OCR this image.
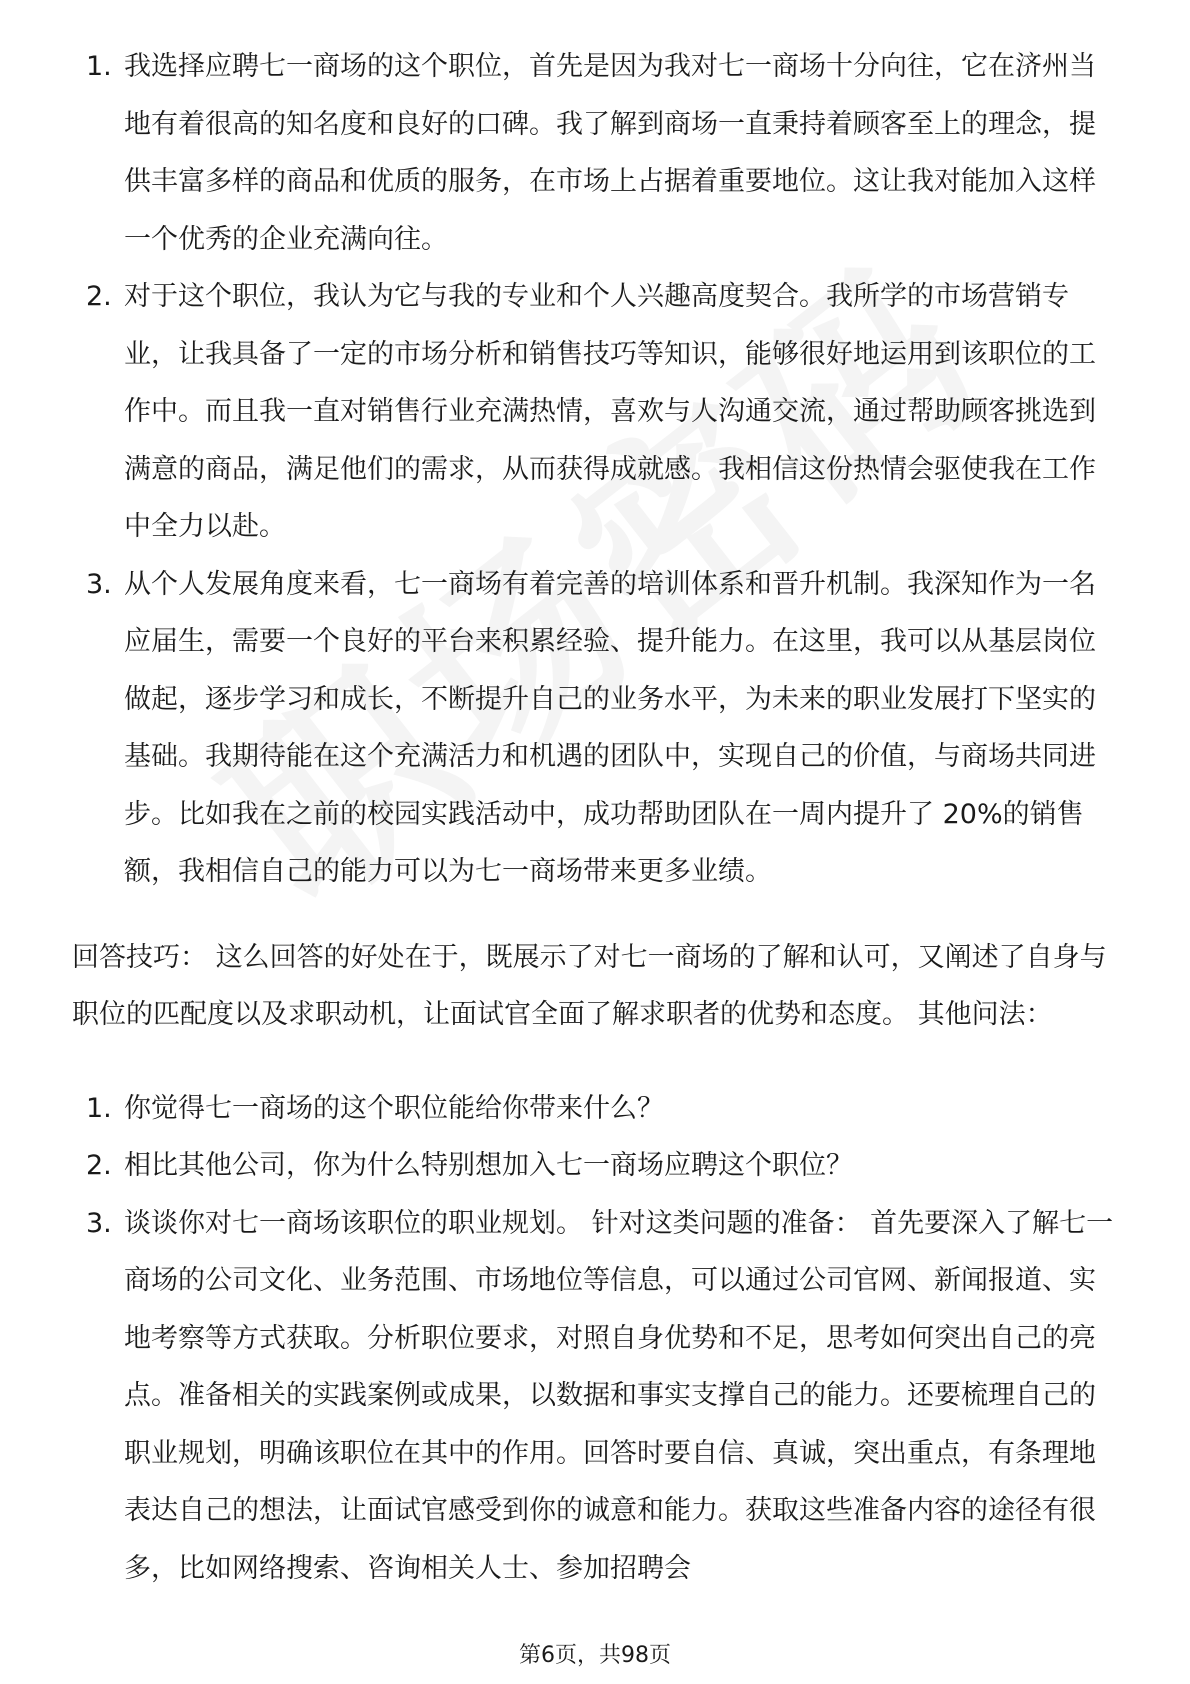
1. 我选择应聘七一商场的这个职位，首先是因为我对七一商场十分向往，它在济州当地有着很高的知名度和良好的口碑。我了解到商场一直秉持着顾客至上的理念，提供丰富多样的商品和优质的服务，在市场上占据着重要地位。这让我对能加入这样一个优秀的企业充满向往。
2. 对于这个职位，我认为它与我的专业和个人兴趣高度契合。我所学的市场营销专业，让我具备了一定的市场分析和销售技巧等知识，能够很好地运用到该职位的工作中。而且我一直对销售行业充满热情，喜欢与人沟通交流，通过帮助顾客挑选到满意的商品，满足他们的需求，从而获得成就感。我相信这份热情会驱使我在工作中全力以赴。
3. 从个人发展角度来看，七一商场有着完善的培训体系和晋升机制。我深知作为一名应届生，需要一个良好的平台来积累经验、提升能力。在这里，我可以从基层岗位做起，逐步学习和成长，不断提升自己的业务水平，为未来的职业发展打下坚实的基础。我期待能在这个充满活力和机遇的团队中，实现自己的价值，与商场共同进步。比如我在之前的校园实践活动中，成功帮助团队在一周内提升了 20%的销售额，我相信自己的能力可以为七一商场带来更多业绩。

回答技巧： 这么回答的好处在于，既展示了对七一商场的了解和认可，又阐述了自身与职位的匹配度以及求职动机，让面试官全面了解求职者的优势和态度。 其他问法：

1. 你觉得七一商场的这个职位能给你带来什么？
2. 相比其他公司，你为什么特别想加入七一商场应聘这个职位？
3. 谈谈你对七一商场该职位的职业规划。 针对这类问题的准备： 首先要深入了解七一商场的公司文化、业务范围、市场地位等信息，可以通过公司官网、新闻报道、实地考察等方式获取。分析职位要求，对照自身优势和不足，思考如何突出自己的亮点。准备相关的实践案例或成果，以数据和事实支撑自己的能力。还要梳理自己的职业规划，明确该职位在其中的作用。回答时要自信、真诚，突出重点，有条理地表达自己的想法，让面试官感受到你的诚意和能力。获取这些准备内容的途径有很多，比如网络搜索、咨询相关人士、参加招聘会
第6页，共98页
